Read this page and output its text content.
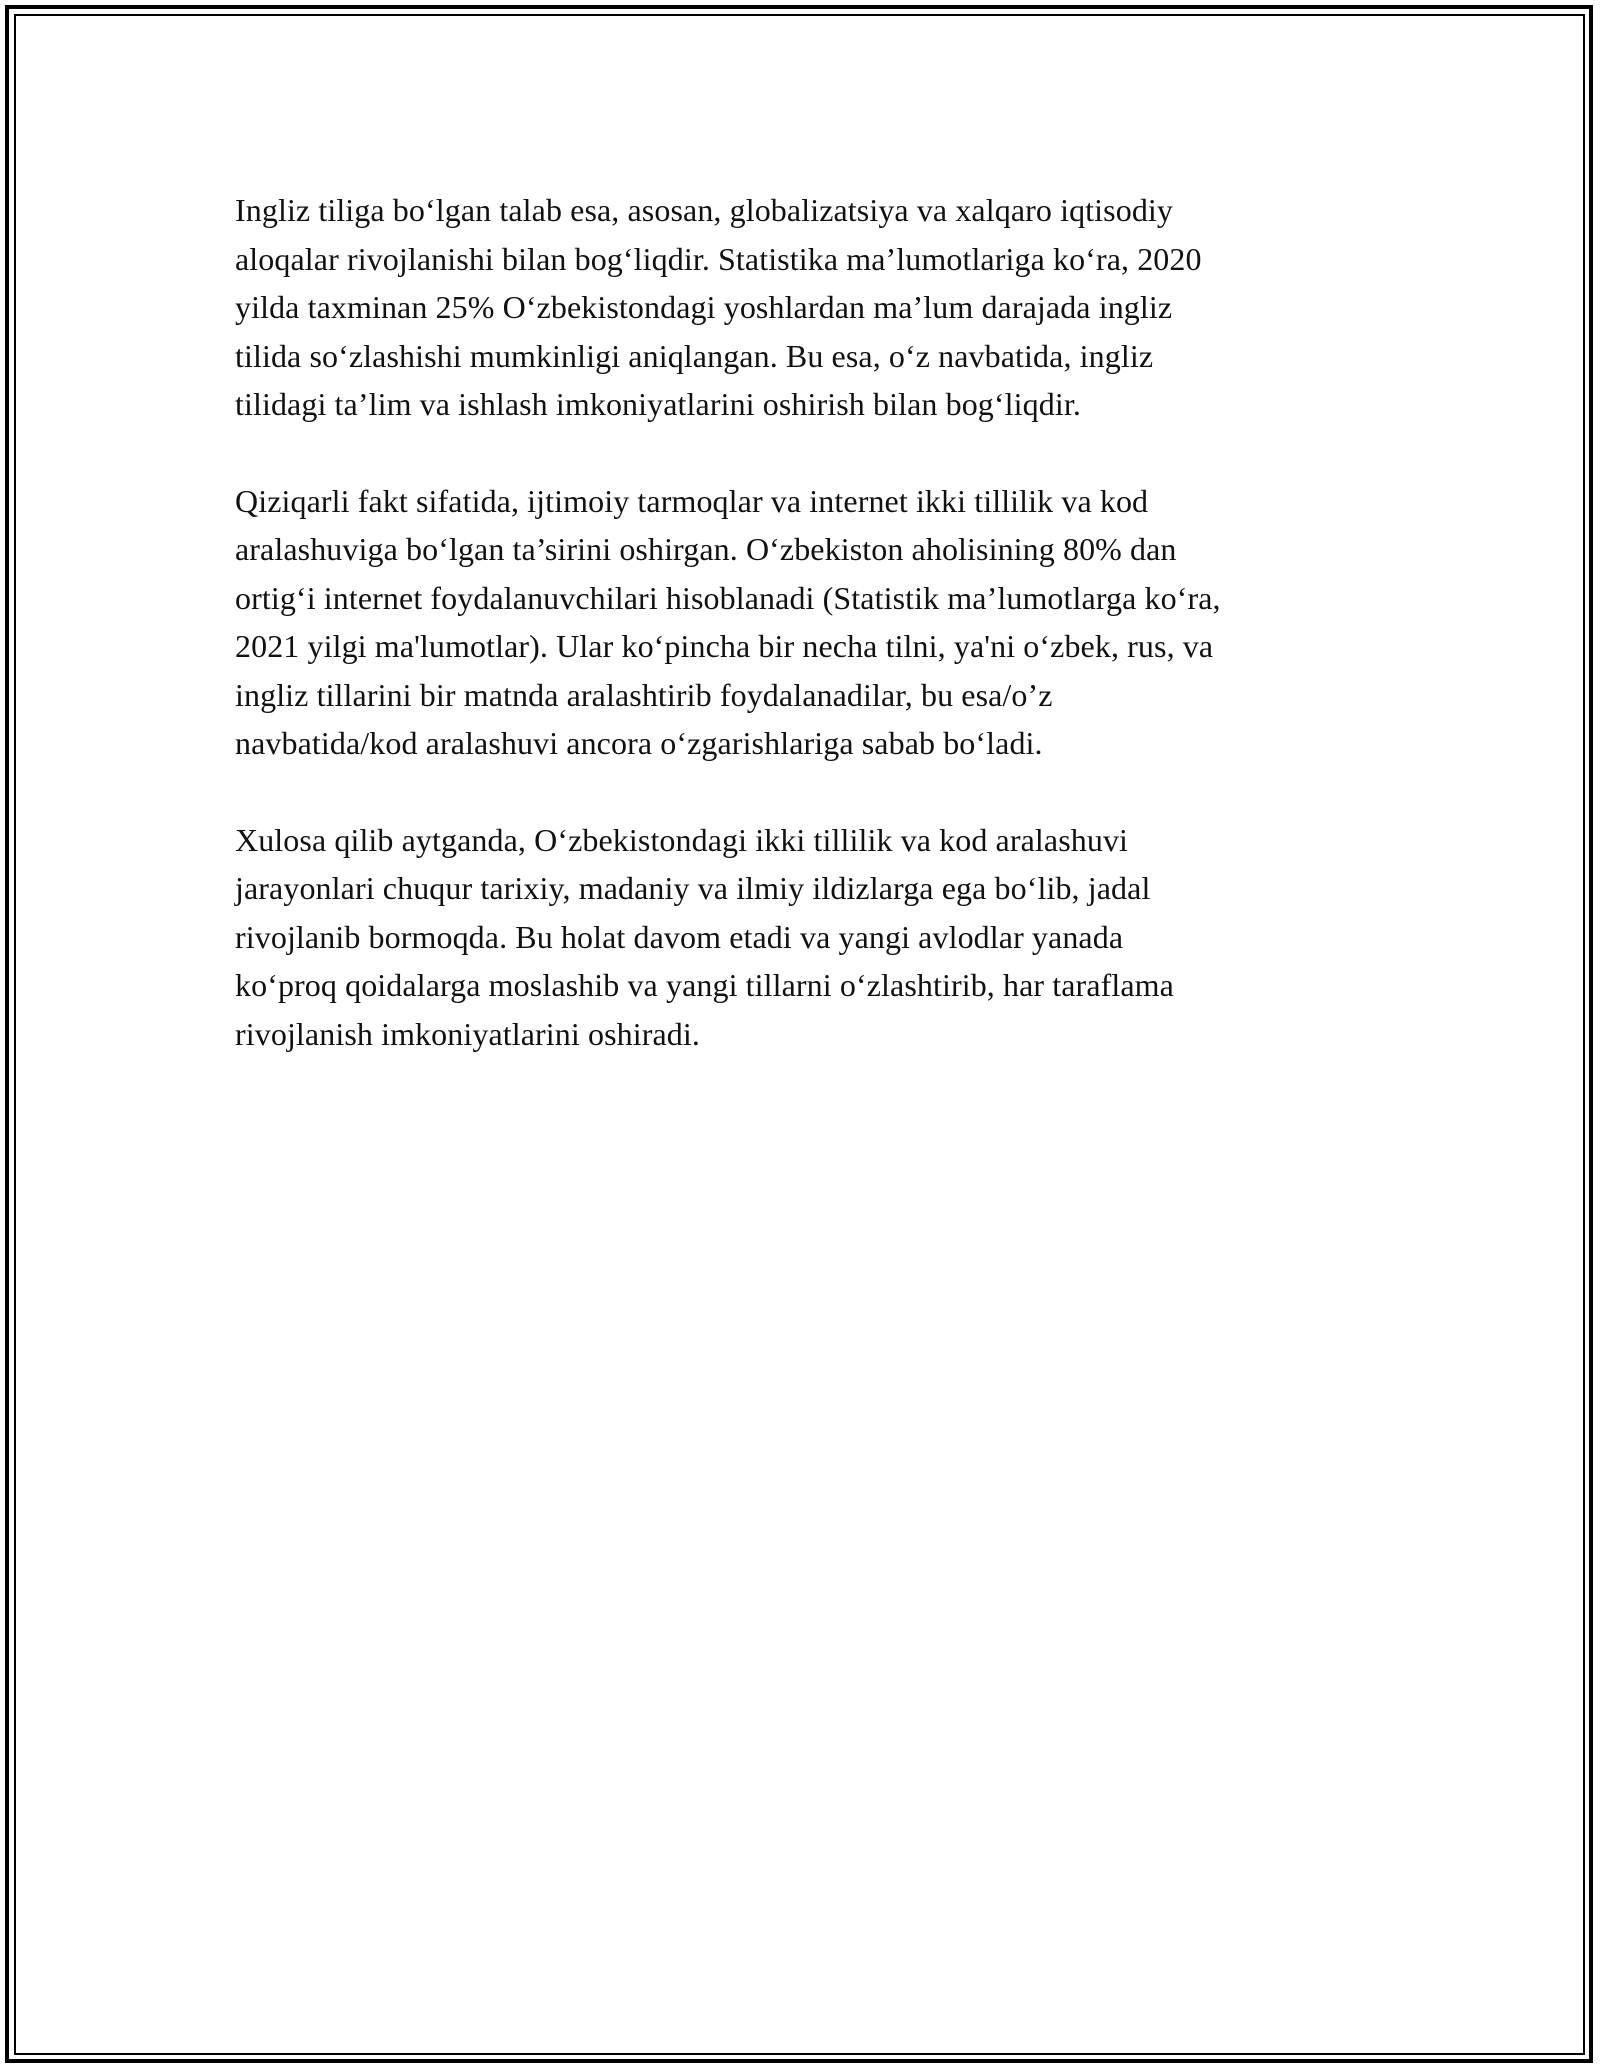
Ingliz tiliga bo‘lgan talab esa, asosan, globalizatsiya va xalqaro iqtisodiy
aloqalar rivojlanishi bilan bog‘liqdir. Statistika ma’lumotlariga ko‘ra, 2020
yilda taxminan 25% O‘zbekistondagi yoshlardan ma’lum darajada ingliz
tilida so‘zlashishi mumkinligi aniqlangan. Bu esa, o‘z navbatida, ingliz
tilidagi ta’lim va ishlash imkoniyatlarini oshirish bilan bog‘liqdir.

Qiziqarli fakt sifatida, ijtimoiy tarmoqlar va internet ikki tillilik va kod
aralashuviga bo‘lgan ta’sirini oshirgan. O‘zbekiston aholisining 80% dan
ortig‘i internet foydalanuvchilari hisoblanadi (Statistik ma’lumotlarga ko‘ra,
2021 yilgi ma'lumotlar). Ular ko‘pincha bir necha tilni, ya'ni o‘zbek, rus, va
ingliz tillarini bir matnda aralashtirib foydalanadilar, bu esa/o’z
navbatida/kod aralashuvi ancora o‘zgarishlariga sabab bo‘ladi.

Xulosa qilib aytganda, O‘zbekistondagi ikki tillilik va kod aralashuvi
jarayonlari chuqur tarixiy, madaniy va ilmiy ildizlarga ega bo‘lib, jadal
rivojlanib bormoqda. Bu holat davom etadi va yangi avlodlar yanada
ko‘proq qoidalarga moslashib va yangi tillarni o‘zlashtirib, har taraflama
rivojlanish imkoniyatlarini oshiradi.
